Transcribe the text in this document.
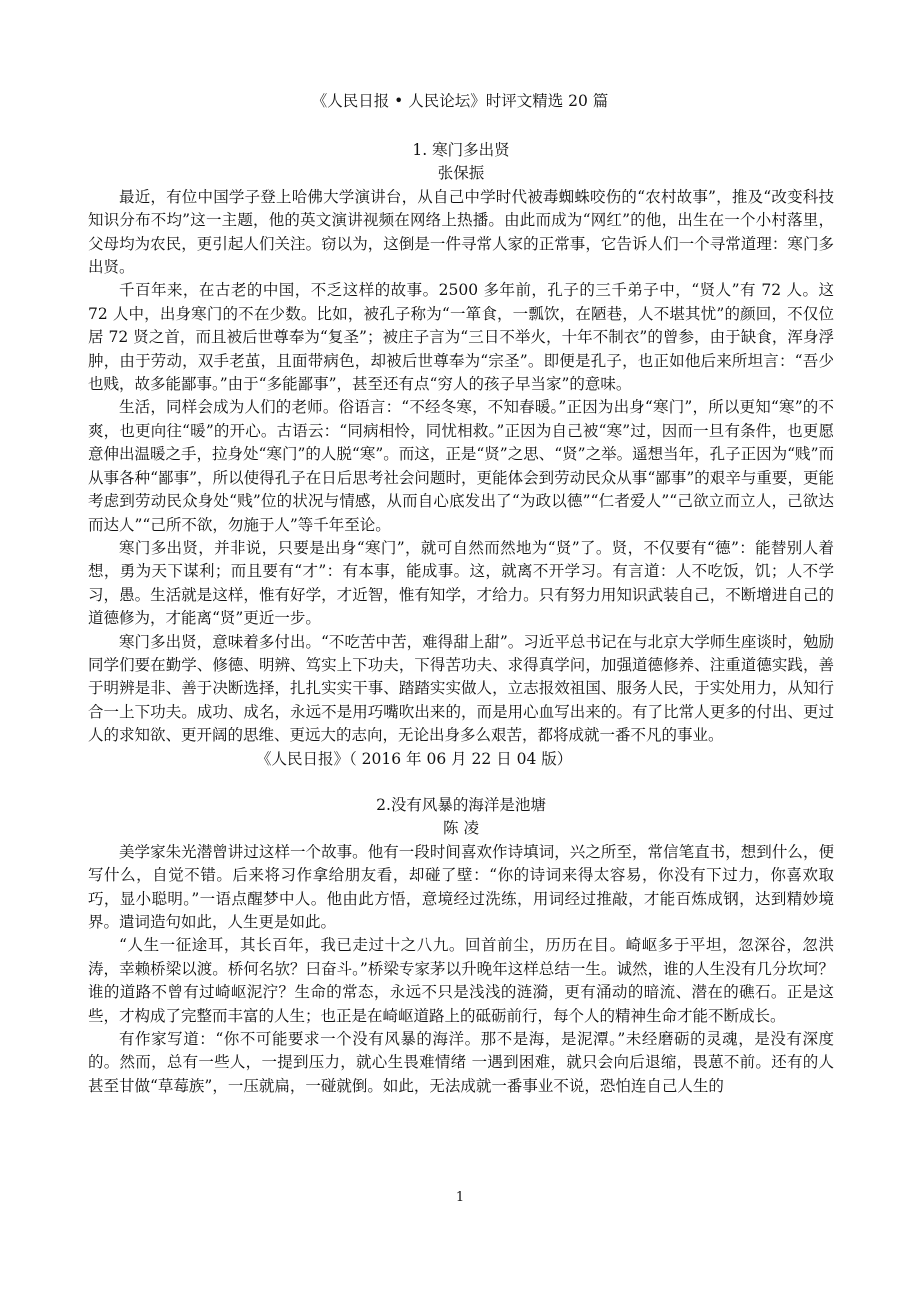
《人民日报 • 人民论坛》时评文精选 20 篇

1. 寒门多出贤

张保振

最近，有位中国学子登上哈佛大学演讲台，从自己中学时代被毒蜘蛛咬伤的“农村故事”，推及“改变科技知识分布不均”这一主题，他的英文演讲视频在网络上热播。由此而成为“网红”的他，出生在一个小村落里，父母均为农民，更引起人们关注。窃以为，这倒是一件寻常人家的正常事，它告诉人们一个寻常道理：寒门多出贤。

千百年来，在古老的中国，不乏这样的故事。2500 多年前，孔子的三千弟子中，“贤人”有 72 人。这 72 人中，出身寒门的不在少数。比如，被孔子称为“一箪食，一瓢饮，在陋巷，人不堪其忧”的颜回，不仅位居 72 贤之首，而且被后世尊奉为“复圣”；被庄子言为“三日不举火，十年不制衣”的曾参，由于缺食，浑身浮肿，由于劳动，双手老茧，且面带病色，却被后世尊奉为“宗圣”。即便是孔子，也正如他后来所坦言：“吾少也贱，故多能鄙事。”由于“多能鄙事”，甚至还有点“穷人的孩子早当家”的意味。

生活，同样会成为人们的老师。俗语言：“不经冬寒，不知春暖。”正因为出身“寒门”，所以更知“寒”的不爽，也更向往“暖”的开心。古语云：“同病相怜，同忧相救。”正因为自己被“寒”过，因而一旦有条件，也更愿意伸出温暖之手，拉身处“寒门”的人脱“寒”。而这，正是“贤”之思、“贤”之举。遥想当年，孔子正因为“贱”而从事各种“鄙事”，所以使得孔子在日后思考社会问题时，更能体会到劳动民众从事“鄙事”的艰辛与重要，更能考虑到劳动民众身处“贱”位的状况与情感，从而自心底发出了“为政以德”“仁者爱人”“己欲立而立人，己欲达而达人”“己所不欲，勿施于人”等千年至论。

寒门多出贤，并非说，只要是出身“寒门”，就可自然而然地为“贤”了。贤，不仅要有“德”：能替别人着想，勇为天下谋利；而且要有“才”：有本事，能成事。这，就离不开学习。有言道：人不吃饭，饥；人不学习，愚。生活就是这样，惟有好学，才近智，惟有知学，才给力。只有努力用知识武装自己，不断增进自己的道德修为，才能离“贤”更近一步。

寒门多出贤，意味着多付出。“不吃苦中苦，难得甜上甜”。习近平总书记在与北京大学师生座谈时，勉励同学们要在勤学、修德、明辨、笃实上下功夫，下得苦功夫、求得真学问，加强道德修养、注重道德实践，善于明辨是非、善于决断选择，扎扎实实干事、踏踏实实做人，立志报效祖国、服务人民，于实处用力，从知行合一上下功夫。成功、成名，永远不是用巧嘴吹出来的，而是用心血写出来的。有了比常人更多的付出、更过人的求知欲、更开阔的思维、更远大的志向，无论出身多么艰苦，都将成就一番不凡的事业。

《人民日报》（ 2016 年 06 月 22 日 04 版）

2.没有风暴的海洋是池塘

陈 凌

美学家朱光潜曾讲过这样一个故事。他有一段时间喜欢作诗填词，兴之所至，常信笔直书，想到什么，便写什么，自觉不错。后来将习作拿给朋友看，却碰了壁：“你的诗词来得太容易，你没有下过力，你喜欢取巧，显小聪明。”一语点醒梦中人。他由此方悟，意境经过洗练，用词经过推敲，才能百炼成钢，达到精妙境界。遣词造句如此，人生更是如此。

“人生一征途耳，其长百年，我已走过十之八九。回首前尘，历历在目。崎岖多于平坦，忽深谷，忽洪涛，幸赖桥梁以渡。桥何名欤？曰奋斗。”桥梁专家茅以升晚年这样总结一生。诚然，谁的人生没有几分坎坷？谁的道路不曾有过崎岖泥泞？生命的常态，永远不只是浅浅的涟漪，更有涌动的暗流、潜在的礁石。正是这些，才构成了完整而丰富的人生；也正是在崎岖道路上的砥砺前行，每个人的精神生命才能不断成长。

有作家写道：“你不可能要求一个没有风暴的海洋。那不是海，是泥潭。”未经磨砺的灵魂，是没有深度的。然而，总有一些人，一提到压力，就心生畏难情绪 一遇到困难，就只会向后退缩，畏葸不前。还有的人甚至甘做“草莓族”，一压就扁，一碰就倒。如此，无法成就一番事业不说，恐怕连自己人生的

1
